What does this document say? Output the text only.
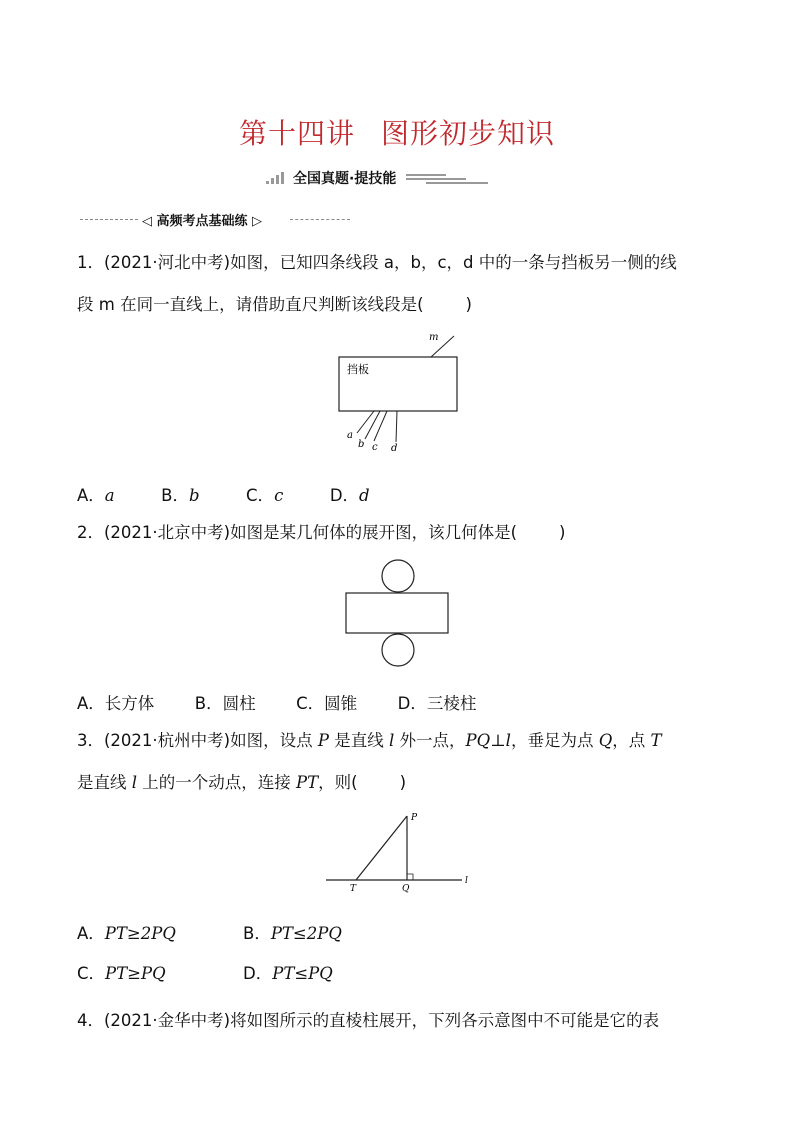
第十四讲 图形初步知识
全国真题·提技能
◁ 高频考点基础练 ▷
1．(2021·河北中考)如图，已知四条线段 a，b，c，d 中的一条与挡板另一侧的线
段 m 在同一直线上，请借助直尺判断该线段是(	)
挡板
m
a
b c d
A．a	B．b	C．c	D．d
2．(2021·北京中考)如图是某几何体的展开图，该几何体是(	)
A．长方体 B．圆柱 C．圆锥 D．三棱柱
3．(2021·杭州中考)如图，设点 P 是直线 l 外一点，PQ⊥l，垂足为点 Q，点 T
是直线 l 上的一个动点，连接 PT，则(	)
P
T	Q
l
A．PT≥2PQ	B．PT≤2PQ
C．PT≥PQ	D．PT≤PQ
4．(2021·金华中考)将如图所示的直棱柱展开，下列各示意图中不可能是它的表
